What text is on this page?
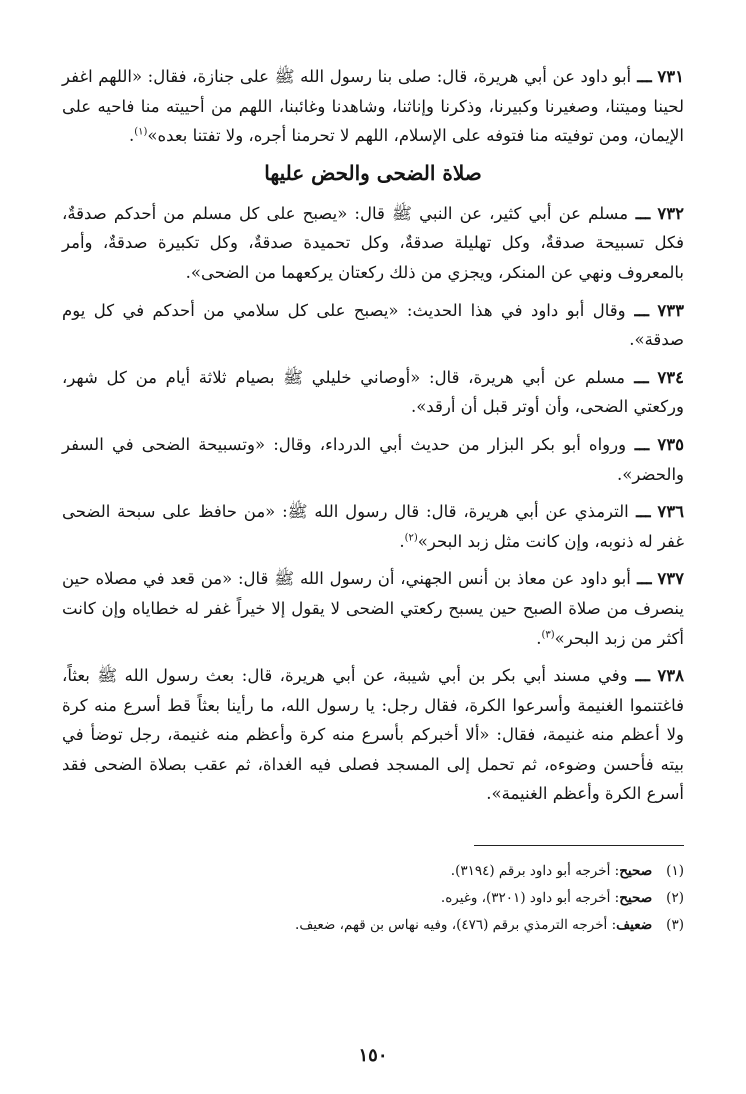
٧٣١ ـــ أبو داود عن أبي هريرة، قال: صلى بنا رسول الله ﷺ على جنازة، فقال: «اللهم اغفر لحينا وميتنا، وصغيرنا وكبيرنا، وذكرنا وإناثنا، وشاهدنا وغائبنا، اللهم من أحييته منا فاحيه على الإيمان، ومن توفيته منا فتوفه على الإسلام، اللهم لا تحرمنا أجره، ولا تفتنا بعده»$^{(١)}$.

صلاة الضحى والحض عليها

٧٣٢ ـــ مسلم عن أبي كثير، عن النبي ﷺ قال: «يصبح على كل مسلم من أحدكم صدقةٌ، فكل تسبيحة صدقةٌ، وكل تهليلة صدقةٌ، وكل تحميدة صدقةٌ، وكل تكبيرة صدقةٌ، وأمر بالمعروف ونهي عن المنكر، ويجزي من ذلك ركعتان يركعهما من الضحى».

٧٣٣ ـــ وقال أبو داود في هذا الحديث: «يصبح على كل سلامي من أحدكم في كل يوم صدقة».

٧٣٤ ـــ مسلم عن أبي هريرة، قال: «أوصاني خليلي ﷺ بصيام ثلاثة أيام من كل شهر، وركعتي الضحى، وأن أوتر قبل أن أرقد».

٧٣٥ ـــ ورواه أبو بكر البزار من حديث أبي الدرداء، وقال: «وتسبيحة الضحى في السفر والحضر».

٧٣٦ ـــ الترمذي عن أبي هريرة، قال: قال رسول الله ﷺ: «من حافظ على سبحة الضحى غفر له ذنوبه، وإن كانت مثل زبد البحر»$^{(٢)}$.

٧٣٧ ـــ أبو داود عن معاذ بن أنس الجهني، أن رسول الله ﷺ قال: «من قعد في مصلاه حين ينصرف من صلاة الصبح حين يسبح ركعتي الضحى لا يقول إلا خيراً غفر له خطاياه وإن كانت أكثر من زبد البحر»$^{(٣)}$.

٧٣٨ ـــ وفي مسند أبي بكر بن أبي شيبة، عن أبي هريرة، قال: بعث رسول الله ﷺ بعثاً، فاغتنموا الغنيمة وأسرعوا الكرة، فقال رجل: يا رسول الله، ما رأينا بعثاً قط أسرع منه كرة ولا أعظم منه غنيمة، فقال: «ألا أخبركم بأسرع منه كرة وأعظم منه غنيمة، رجل توضأ في بيته فأحسن وضوءه، ثم تحمل إلى المسجد فصلى فيه الغداة، ثم عقب بصلاة الضحى فقد أسرع الكرة وأعظم الغنيمة».

(١)
صحيح: أخرجه أبو داود برقم (٣١٩٤).
(٢)
صحيح: أخرجه أبو داود (٣٢٠١)، وغيره.
(٣)
ضعيف: أخرجه الترمذي برقم (٤٧٦)، وفيه نهاس بن قهم، ضعيف.
١٥٠
